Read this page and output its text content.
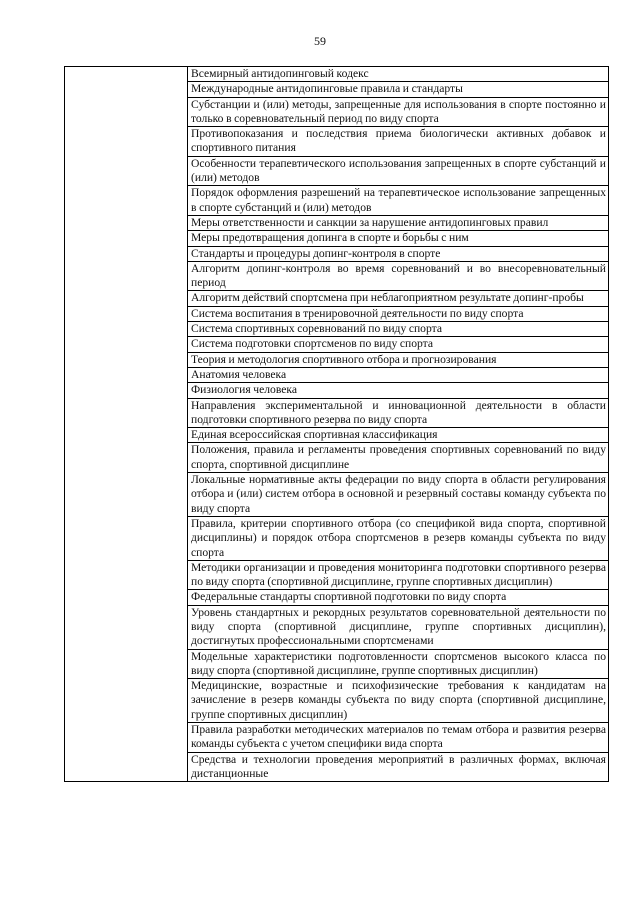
59
	Всемирный антидопинговый кодекс
Международные антидопинговые правила и стандарты
Субстанции и (или) методы, запрещенные для использования в спорте постоянно и только в соревновательный период по виду спорта
Противопоказания и последствия приема биологически активных добавок и спортивного питания
Особенности терапевтического использования запрещенных в спорте субстанций и (или) методов
Порядок оформления разрешений на терапевтическое использование запрещенных в спорте субстанций и (или) методов
Меры ответственности и санкции за нарушение антидопинговых правил
Меры предотвращения допинга в спорте и борьбы с ним
Стандарты и процедуры допинг-контроля в спорте
Алгоритм допинг-контроля во время соревнований и во внесоревновательный период
Алгоритм действий спортсмена при неблагоприятном результате допинг-пробы
Система воспитания в тренировочной деятельности по виду спорта
Система спортивных соревнований по виду спорта
Система подготовки спортсменов по виду спорта
Теория и методология спортивного отбора и прогнозирования
Анатомия человека
Физиология человека
Направления экспериментальной и инновационной деятельности в области подготовки спортивного резерва по виду спорта
Единая всероссийская спортивная классификация
Положения, правила и регламенты проведения спортивных соревнований по виду спорта, спортивной дисциплине
Локальные нормативные акты федерации по виду спорта в области регулирования отбора и (или) систем отбора в основной и резервный составы команду субъекта по виду спорта
Правила, критерии спортивного отбора (со спецификой вида спорта, спортивной дисциплины) и порядок отбора спортсменов в резерв команды субъекта по виду спорта
Методики организации и проведения мониторинга подготовки спортивного резерва по виду спорта (спортивной дисциплине, группе спортивных дисциплин)
Федеральные стандарты спортивной подготовки по виду спорта
Уровень стандартных и рекордных результатов соревновательной деятельности по виду спорта (спортивной дисциплине, группе спортивных дисциплин), достигнутых профессиональными спортсменами
Модельные характеристики подготовленности спортсменов высокого класса по виду спорта (спортивной дисциплине, группе спортивных дисциплин)
Медицинские, возрастные и психофизические требования к кандидатам на зачисление в резерв команды субъекта по виду спорта (спортивной дисциплине, группе спортивных дисциплин)
Правила разработки методических материалов по темам отбора и развития резерва команды субъекта с учетом специфики вида спорта
Средства и технологии проведения мероприятий в различных формах, включая дистанционные
